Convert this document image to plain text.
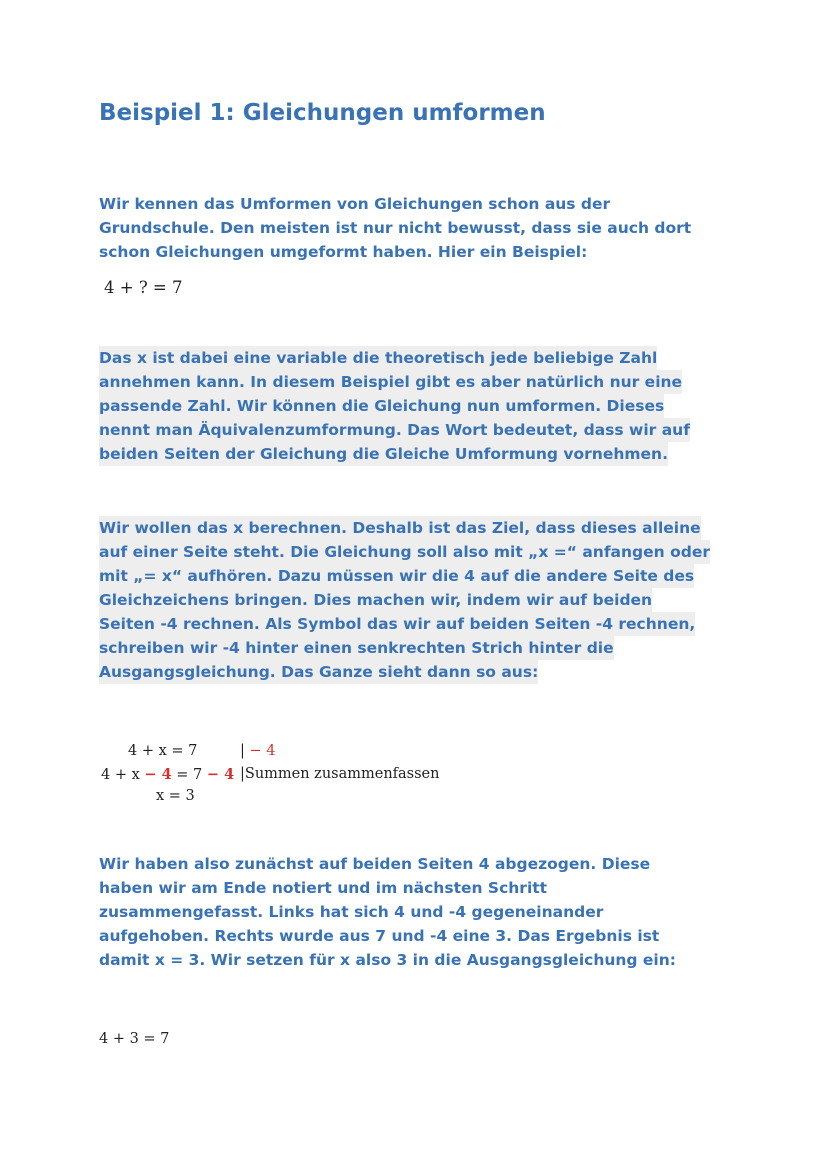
Beispiel 1: Gleichungen umformen

Wir kennen das Umformen von Gleichungen schon aus der
Grundschule. Den meisten ist nur nicht bewusst, dass sie auch dort
schon Gleichungen umgeformt haben. Hier ein Beispiel:

4 + ? = 7

Das x ist dabei eine variable die theoretisch jede beliebige Zahl
annehmen kann. In diesem Beispiel gibt es aber natürlich nur eine
passende Zahl. Wir können die Gleichung nun umformen. Dieses
nennt man Äquivalenzumformung. Das Wort bedeutet, dass wir auf
beiden Seiten der Gleichung die Gleiche Umformung vornehmen.

Wir wollen das x berechnen. Deshalb ist das Ziel, dass dieses alleine
auf einer Seite steht. Die Gleichung soll also mit „x =“ anfangen oder
mit „= x“ aufhören. Dazu müssen wir die 4 auf die andere Seite des
Gleichzeichens bringen. Dies machen wir, indem wir auf beiden
Seiten -4 rechnen. Als Symbol das wir auf beiden Seiten -4 rechnen,
schreiben wir -4 hinter einen senkrechten Strich hinter die
Ausgangsgleichung. Das Ganze sieht dann so aus:

4 + x = 7	| − 4
4 + x − 4 = 7 − 4 |Summen zusammenfassen
x = 3

Wir haben also zunächst auf beiden Seiten 4 abgezogen. Diese
haben wir am Ende notiert und im nächsten Schritt
zusammengefasst. Links hat sich 4 und -4 gegeneinander
aufgehoben. Rechts wurde aus 7 und -4 eine 3. Das Ergebnis ist
damit x = 3. Wir setzen für x also 3 in die Ausgangsgleichung ein:

4 + 3 = 7
